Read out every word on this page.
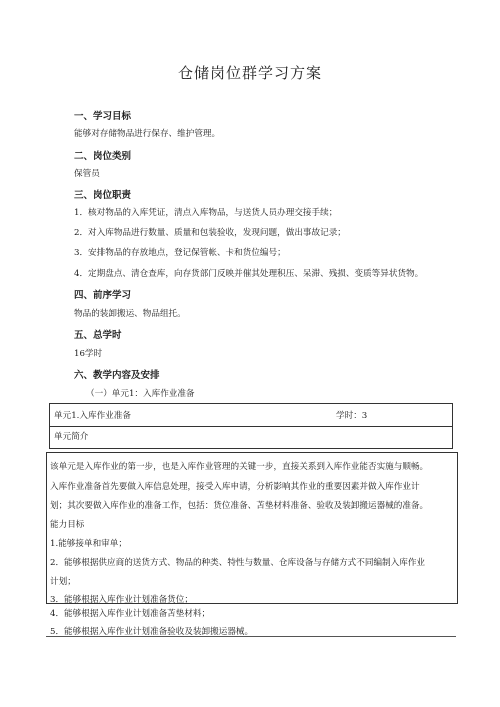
仓储岗位群学习方案
一、学习目标
能够对存储物品进行保存、维护管理。
二、岗位类别
保管员
三、岗位职责
1．核对物品的入库凭证，清点入库物品，与送货人员办理交接手续；
2．对入库物品进行数量、质量和包装验收，发现问题，做出事故记录；
3．安排物品的存放地点，登记保管帐、卡和货位编号；
4．定期盘点、清仓查库，向存货部门反映并催其处理积压、呆滞、残损、变质等异状货物。
四、前序学习
物品的装卸搬运、物品组托。
五、总学时
16学时
六、教学内容及安排
（一）单元1：入库作业准备
单元1.入库作业准备	学时：3
单元简介
该单元是入库作业的第一步，也是入库作业管理的关键一步，直接关系到入库作业能否实施与顺畅。
入库作业准备首先要做入库信息处理，接受入库申请，分析影响其作业的重要因素并做入库作业计
划；其次要做入库作业的准备工作，包括：货位准备、苫垫材料准备、验收及装卸搬运器械的准备。
能力目标
1.能够接单和审单；
2．能够根据供应商的送货方式、物品的种类、特性与数量、仓库设备与存储方式不同编制入库作业
计划；
3．能够根据入库作业计划准备货位；
4．能够根据入库作业计划准备苫垫材料；
5．能够根据入库作业计划准备验收及装卸搬运器械。
